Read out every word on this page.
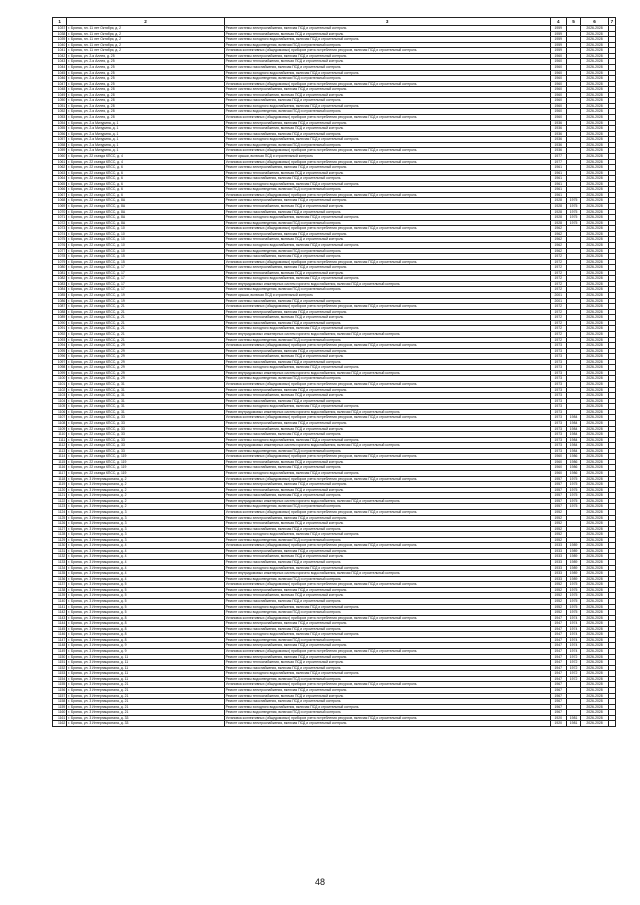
1	2	3	4	5	6	7
1037	г. Брянск, пл. 11 лет Октября, д. 2	Ремонт системы электроснабжения, включая ПСД и строительный контроль	1959		2026-2028	
1038	г. Брянск, пл. 11 лет Октября, д. 2	Ремонт системы теплоснабжения, включая ПСД и строительный контроль	1959		2026-2028	
1039	г. Брянск, пл. 11 лет Октября, д. 2	Ремонт системы холодного водоснабжения, включая ПСД и строительный контроль	1959		2026-2028	
1040	г. Брянск, пл. 11 лет Октября, д. 2	Ремонт системы водоотведения, включая ПСД и строительный контроль	1959		2026-2028	
1041	г. Брянск, пл. 11 лет Октября, д. 2	Установка коллективных (общедомовых) приборов учета потребления ресурсов, включая ПСД и строительный контроль	1959		2026-2028	
1042	г. Брянск, ул. 2-я Аллея, д. 25	Ремонт системы электроснабжения, включая ПСД и строительный контроль	1960		2026-2028	
1043	г. Брянск, ул. 2-я Аллея, д. 25	Ремонт системы теплоснабжения, включая ПСД и строительный контроль	1960		2026-2028	
1044	г. Брянск, ул. 2-я Аллея, д. 25	Ремонт системы газоснабжения, включая ПСД и строительный контроль	1960		2026-2028	
1045	г. Брянск, ул. 2-я Аллея, д. 25	Ремонт системы холодного водоснабжения, включая ПСД и строительный контроль	1960		2026-2028	
1046	г. Брянск, ул. 2-я Аллея, д. 25	Ремонт системы водоотведения, включая ПСД и строительный контроль	1960		2026-2028	
1047	г. Брянск, ул. 2-я Аллея, д. 25	Установка коллективных (общедомовых) приборов учета потребления ресурсов, включая ПСД и строительный контроль	1960		2026-2028	
1048	г. Брянск, ул. 2-я Аллея, д. 28	Ремонт системы электроснабжения, включая ПСД и строительный контроль	1960		2026-2028	
1049	г. Брянск, ул. 2-я Аллея, д. 28	Ремонт системы теплоснабжения, включая ПСД и строительный контроль	1960		2026-2028	
1050	г. Брянск, ул. 2-я Аллея, д. 28	Ремонт системы газоснабжения, включая ПСД и строительный контроль	1960		2026-2028	
1051	г. Брянск, ул. 2-я Аллея, д. 28	Ремонт системы холодного водоснабжения, включая ПСД и строительный контроль	1960		2026-2028	
1052	г. Брянск, ул. 2-я Аллея, д. 28	Ремонт системы водоотведения, включая ПСД и строительный контроль	1960		2026-2028	
1053	г. Брянск, ул. 2-я Аллея, д. 28	Установка коллективных (общедомовых) приборов учета потребления ресурсов, включая ПСД и строительный контроль	1960		2026-2028	
1054	г. Брянск, ул. 2-я Мичурина, д. 1	Ремонт системы электроснабжения, включая ПСД и строительный контроль	1936		2026-2028	
1055	г. Брянск, ул. 2-я Мичурина, д. 1	Ремонт системы теплоснабжения, включая ПСД и строительный контроль	1936		2026-2028	
1056	г. Брянск, ул. 2-я Мичурина, д. 1	Ремонт системы газоснабжения, включая ПСД и строительный контроль	1936		2026-2028	
1057	г. Брянск, ул. 2-я Мичурина, д. 1	Ремонт системы холодного водоснабжения, включая ПСД и строительный контроль	1936		2026-2028	
1058	г. Брянск, ул. 2-я Мичурина, д. 1	Ремонт системы водоотведения, включая ПСД и строительный контроль	1936		2026-2028	
1059	г. Брянск, ул. 2-я Мичурина, д. 1	Установка коллективных (общедомовых) приборов учета потребления ресурсов, включая ПСД и строительный контроль	1936		2026-2028	
1060	г. Брянск, ул. 22 съезда КПСС, д. 4	Ремонт крыши, включая ПСД и строительный контроль	1977		2026-2028	
1061	г. Брянск, ул. 22 съезда КПСС, д. 4	Установка коллективных (общедомовых) приборов учета потребления ресурсов, включая ПСД и строительный контроль	1977		2026-2028	
1062	г. Брянск, ул. 22 съезда КПСС, д. 6	Ремонт системы электроснабжения, включая ПСД и строительный контроль	1961		2026-2028	
1063	г. Брянск, ул. 22 съезда КПСС, д. 6	Ремонт системы теплоснабжения, включая ПСД и строительный контроль	1961		2026-2028	
1064	г. Брянск, ул. 22 съезда КПСС, д. 6	Ремонт системы газоснабжения, включая ПСД и строительный контроль	1961		2026-2028	
1065	г. Брянск, ул. 22 съезда КПСС, д. 6	Ремонт системы холодного водоснабжения, включая ПСД и строительный контроль	1961		2026-2028	
1066	г. Брянск, ул. 22 съезда КПСС, д. 6	Ремонт системы водоотведения, включая ПСД и строительный контроль	1961		2026-2028	
1067	г. Брянск, ул. 22 съезда КПСС, д. 6	Установка коллективных (общедомовых) приборов учета потребления ресурсов, включая ПСД и строительный контроль	1961		2026-2028	
1068	г. Брянск, ул. 22 съезда КПСС, д. 8А	Ремонт системы электроснабжения, включая ПСД и строительный контроль	1928	1975	2026-2028	
1069	г. Брянск, ул. 22 съезда КПСС, д. 8А	Ремонт системы теплоснабжения, включая ПСД и строительный контроль	1928	1975	2026-2028	
1070	г. Брянск, ул. 22 съезда КПСС, д. 8А	Ремонт системы газоснабжения, включая ПСД и строительный контроль	1928	1975	2026-2028	
1071	г. Брянск, ул. 22 съезда КПСС, д. 8А	Ремонт системы холодного водоснабжения, включая ПСД и строительный контроль	1928	1975	2026-2028	
1072	г. Брянск, ул. 22 съезда КПСС, д. 8А	Ремонт системы водоотведения, включая ПСД и строительный контроль	1928	1975	2026-2028	
1073	г. Брянск, ул. 22 съезда КПСС, д. 10	Установка коллективных (общедомовых) приборов учета потребления ресурсов, включая ПСД и строительный контроль	1962		2026-2028	
1074	г. Брянск, ул. 22 съезда КПСС, д. 10	Ремонт системы электроснабжения, включая ПСД и строительный контроль	1962		2026-2028	
1075	г. Брянск, ул. 22 съезда КПСС, д. 10	Ремонт системы теплоснабжения, включая ПСД и строительный контроль	1962		2026-2028	
1076	г. Брянск, ул. 22 съезда КПСС, д. 10	Ремонт системы холодного водоснабжения, включая ПСД и строительный контроль	1962		2026-2028	
1077	г. Брянск, ул. 22 съезда КПСС, д. 10	Ремонт системы водоотведения, включая ПСД и строительный контроль	1962		2026-2028	
1078	г. Брянск, ул. 22 съезда КПСС, д. 15	Ремонт системы газоснабжения, включая ПСД и строительный контроль	1972		2026-2028	
1079	г. Брянск, ул. 22 съезда КПСС, д. 15	Установка коллективных (общедомовых) приборов учета потребления ресурсов, включая ПСД и строительный контроль	1972		2026-2028	
1080	г. Брянск, ул. 22 съезда КПСС, д. 17	Ремонт системы электроснабжения, включая ПСД и строительный контроль	1972		2026-2028	
1081	г. Брянск, ул. 22 съезда КПСС, д. 17	Ремонт системы теплоснабжения, включая ПСД и строительный контроль	1972		2026-2028	
1082	г. Брянск, ул. 22 съезда КПСС, д. 17	Ремонт системы холодного водоснабжения, включая ПСД и строительный контроль	1972		2026-2028	
1083	г. Брянск, ул. 22 съезда КПСС, д. 17	Ремонт внутридомовых инженерных систем горячего водоснабжения, включая ПСД и строительный контроль	1972		2026-2028	
1084	г. Брянск, ул. 22 съезда КПСС, д. 17	Ремонт системы водоотведения, включая ПСД и строительный контроль	1972		2026-2028	
1085	г. Брянск, ул. 22 съезда КПСС, д. 19	Ремонт крыши, включая ПСД и строительный контроль	2001		2026-2028	
1086	г. Брянск, ул. 22 съезда КПСС, д. 19	Ремонт системы газоснабжения, включая ПСД и строительный контроль	2001		2026-2028	
1087	г. Брянск, ул. 22 съезда КПСС, д. 21	Установка коллективных (общедомовых) приборов учета потребления ресурсов, включая ПСД и строительный контроль	1972		2026-2028	
1088	г. Брянск, ул. 22 съезда КПСС, д. 21	Ремонт системы электроснабжения, включая ПСД и строительный контроль	1972		2026-2028	
1089	г. Брянск, ул. 22 съезда КПСС, д. 21	Ремонт системы теплоснабжения, включая ПСД и строительный контроль	1972		2026-2028	
1090	г. Брянск, ул. 22 съезда КПСС, д. 21	Ремонт системы газоснабжения, включая ПСД и строительный контроль	1972		2026-2028	
1091	г. Брянск, ул. 22 съезда КПСС, д. 21	Ремонт системы холодного водоснабжения, включая ПСД и строительный контроль	1972		2026-2028	
1092	г. Брянск, ул. 22 съезда КПСС, д. 21	Ремонт внутридомовых инженерных систем горячего водоснабжения, включая ПСД и строительный контроль	1972		2026-2028	
1093	г. Брянск, ул. 22 съезда КПСС, д. 21	Ремонт системы водоотведения, включая ПСД и строительный контроль	1972		2026-2028	
1094	г. Брянск, ул. 22 съезда КПСС, д. 29	Установка коллективных (общедомовых) приборов учета потребления ресурсов, включая ПСД и строительный контроль	1973		2026-2028	
1095	г. Брянск, ул. 22 съезда КПСС, д. 29	Ремонт системы электроснабжения, включая ПСД и строительный контроль	1973		2026-2028	
1096	г. Брянск, ул. 22 съезда КПСС, д. 29	Ремонт системы теплоснабжения, включая ПСД и строительный контроль	1973		2026-2028	
1097	г. Брянск, ул. 22 съезда КПСС, д. 29	Ремонт системы газоснабжения, включая ПСД и строительный контроль	1973		2026-2028	
1098	г. Брянск, ул. 22 съезда КПСС, д. 29	Ремонт системы холодного водоснабжения, включая ПСД и строительный контроль	1973		2026-2028	
1099	г. Брянск, ул. 22 съезда КПСС, д. 29	Ремонт внутридомовых инженерных систем горячего водоснабжения, включая ПСД и строительный контроль	1973		2026-2028	
1100	г. Брянск, ул. 22 съезда КПСС, д. 29	Ремонт системы водоотведения, включая ПСД и строительный контроль	1973		2026-2028	
1101	г. Брянск, ул. 22 съезда КПСС, д. 31	Установка коллективных (общедомовых) приборов учета потребления ресурсов, включая ПСД и строительный контроль	1973		2026-2028	
1102	г. Брянск, ул. 22 съезда КПСС, д. 31	Ремонт системы электроснабжения, включая ПСД и строительный контроль	1973		2026-2028	
1103	г. Брянск, ул. 22 съезда КПСС, д. 31	Ремонт системы теплоснабжения, включая ПСД и строительный контроль	1973		2026-2028	
1104	г. Брянск, ул. 22 съезда КПСС, д. 31	Ремонт системы газоснабжения, включая ПСД и строительный контроль	1973		2026-2028	
1105	г. Брянск, ул. 22 съезда КПСС, д. 31	Ремонт системы холодного водоснабжения, включая ПСД и строительный контроль	1973		2026-2028	
1106	г. Брянск, ул. 22 съезда КПСС, д. 31	Ремонт внутридомовых инженерных систем горячего водоснабжения, включая ПСД и строительный контроль	1973		2026-2028	
1107	г. Брянск, ул. 22 съезда КПСС, д. 33	Установка коллективных (общедомовых) приборов учета потребления ресурсов, включая ПСД и строительный контроль	1973	1984	2026-2028	
1108	г. Брянск, ул. 22 съезда КПСС, д. 33	Ремонт системы электроснабжения, включая ПСД и строительный контроль	1973	1984	2026-2028	
1109	г. Брянск, ул. 22 съезда КПСС, д. 33	Ремонт системы теплоснабжения, включая ПСД и строительный контроль	1973	1984	2026-2028	
1110	г. Брянск, ул. 22 съезда КПСС, д. 33	Ремонт системы газоснабжения, включая ПСД и строительный контроль	1973	1984	2026-2028	
1111	г. Брянск, ул. 22 съезда КПСС, д. 33	Ремонт системы холодного водоснабжения, включая ПСД и строительный контроль	1973	1984	2026-2028	
1112	г. Брянск, ул. 22 съезда КПСС, д. 33	Ремонт внутридомовых инженерных систем горячего водоснабжения, включая ПСД и строительный контроль	1973	1984	2026-2028	
1113	г. Брянск, ул. 22 съезда КПСС, д. 33	Ремонт системы водоотведения, включая ПСД и строительный контроль	1973	1984	2026-2028	
1114	г. Брянск, ул. 22 съезда КПСС, д. 119	Установка коллективных (общедомовых) приборов учета потребления ресурсов, включая ПСД и строительный контроль	1960	1986	2026-2028	
1115	г. Брянск, ул. 22 съезда КПСС, д. 119	Ремонт системы теплоснабжения, включая ПСД и строительный контроль	1960	1986	2026-2028	
1116	г. Брянск, ул. 22 съезда КПСС, д. 119	Ремонт системы газоснабжения, включая ПСД и строительный контроль	1960	1986	2026-2028	
1117	г. Брянск, ул. 22 съезда КПСС, д. 119	Ремонт системы холодного водоснабжения, включая ПСД и строительный контроль	1960	1986	2026-2028	
1118	г. Брянск, ул. 3 Интернационала, д. 2	Установка коллективных (общедомовых) приборов учета потребления ресурсов, включая ПСД и строительный контроль	1957	1975	2026-2028	
1119	г. Брянск, ул. 3 Интернационала, д. 2	Ремонт системы электроснабжения, включая ПСД и строительный контроль	1957	1975	2026-2028	
1120	г. Брянск, ул. 3 Интернационала, д. 2	Ремонт системы теплоснабжения, включая ПСД и строительный контроль	1957	1975	2026-2028	
1121	г. Брянск, ул. 3 Интернационала, д. 2	Ремонт системы газоснабжения, включая ПСД и строительный контроль	1957	1975	2026-2028	
1122	г. Брянск, ул. 3 Интернационала, д. 2	Ремонт внутридомовых инженерных систем горячего водоснабжения, включая ПСД и строительный контроль	1957	1975	2026-2028	
1123	г. Брянск, ул. 3 Интернационала, д. 2	Ремонт системы водоотведения, включая ПСД и строительный контроль	1957	1975	2026-2028	
1124	г. Брянск, ул. 3 Интернационала, д. 3	Установка коллективных (общедомовых) приборов учета потребления ресурсов, включая ПСД и строительный контроль	1952		2026-2028	
1125	г. Брянск, ул. 3 Интернационала, д. 3	Ремонт системы электроснабжения, включая ПСД и строительный контроль	1952		2026-2028	
1126	г. Брянск, ул. 3 Интернационала, д. 3	Ремонт системы теплоснабжения, включая ПСД и строительный контроль	1952		2026-2028	
1127	г. Брянск, ул. 3 Интернационала, д. 3	Ремонт системы газоснабжения, включая ПСД и строительный контроль	1952		2026-2028	
1128	г. Брянск, ул. 3 Интернационала, д. 3	Ремонт системы холодного водоснабжения, включая ПСД и строительный контроль	1952		2026-2028	
1129	г. Брянск, ул. 3 Интернационала, д. 3	Ремонт системы водоотведения, включая ПСД и строительный контроль	1952		2026-2028	
1130	г. Брянск, ул. 3 Интернационала, д. 4	Установка коллективных (общедомовых) приборов учета потребления ресурсов, включая ПСД и строительный контроль	1933	1989	2026-2028	
1131	г. Брянск, ул. 3 Интернационала, д. 4	Ремонт системы электроснабжения, включая ПСД и строительный контроль	1933	1989	2026-2028	
1132	г. Брянск, ул. 3 Интернационала, д. 4	Ремонт системы теплоснабжения, включая ПСД и строительный контроль	1933	1989	2026-2028	
1133	г. Брянск, ул. 3 Интернационала, д. 4	Ремонт системы газоснабжения, включая ПСД и строительный контроль	1933	1989	2026-2028	
1134	г. Брянск, ул. 3 Интернационала, д. 4	Ремонт системы холодного водоснабжения, включая ПСД и строительный контроль	1933	1989	2026-2028	
1135	г. Брянск, ул. 3 Интернационала, д. 4	Ремонт внутридомовых инженерных систем горячего водоснабжения, включая ПСД и строительный контроль	1933	1989	2026-2028	
1136	г. Брянск, ул. 3 Интернационала, д. 4	Ремонт системы водоотведения, включая ПСД и строительный контроль	1933	1989	2026-2028	
1137	г. Брянск, ул. 3 Интернационала, д. 5	Установка коллективных (общедомовых) приборов учета потребления ресурсов, включая ПСД и строительный контроль	1952	1975	2026-2028	
1138	г. Брянск, ул. 3 Интернационала, д. 5	Ремонт системы электроснабжения, включая ПСД и строительный контроль	1952	1975	2026-2028	
1139	г. Брянск, ул. 3 Интернационала, д. 5	Ремонт системы теплоснабжения, включая ПСД и строительный контроль	1952	1975	2026-2028	
1140	г. Брянск, ул. 3 Интернационала, д. 5	Ремонт системы газоснабжения, включая ПСД и строительный контроль	1952	1975	2026-2028	
1141	г. Брянск, ул. 3 Интернационала, д. 5	Ремонт системы холодного водоснабжения, включая ПСД и строительный контроль	1952	1975	2026-2028	
1142	г. Брянск, ул. 3 Интернационала, д. 5	Ремонт системы водоотведения, включая ПСД и строительный контроль	1952	1975	2026-2028	
1143	г. Брянск, ул. 3 Интернационала, д. 8	Установка коллективных (общедомовых) приборов учета потребления ресурсов, включая ПСД и строительный контроль	1947	1974	2026-2028	
1144	г. Брянск, ул. 3 Интернационала, д. 8	Ремонт системы электроснабжения, включая ПСД и строительный контроль	1947	1974	2026-2028	
1145	г. Брянск, ул. 3 Интернационала, д. 8	Ремонт системы газоснабжения, включая ПСД и строительный контроль	1947	1974	2026-2028	
1146	г. Брянск, ул. 3 Интернационала, д. 8	Ремонт системы холодного водоснабжения, включая ПСД и строительный контроль	1947	1974	2026-2028	
1147	г. Брянск, ул. 3 Интернационала, д. 8	Ремонт системы водоотведения, включая ПСД и строительный контроль	1947	1974	2026-2028	
1148	г. Брянск, ул. 3 Интернационала, д. 9	Ремонт системы электроснабжения, включая ПСД и строительный контроль	1947	1974	2026-2028	
1149	г. Брянск, ул. 3 Интернационала, д. 9	Установка коллективных (общедомовых) приборов учета потребления ресурсов, включая ПСД и строительный контроль	1947	1974	2026-2028	
1150	г. Брянск, ул. 3 Интернационала, д. 11	Ремонт системы электроснабжения, включая ПСД и строительный контроль	1947	1972	2026-2028	
1151	г. Брянск, ул. 3 Интернационала, д. 11	Ремонт системы теплоснабжения, включая ПСД и строительный контроль	1947	1972	2026-2028	
1152	г. Брянск, ул. 3 Интернационала, д. 11	Ремонт системы газоснабжения, включая ПСД и строительный контроль	1947	1972	2026-2028	
1153	г. Брянск, ул. 3 Интернационала, д. 11	Ремонт системы холодного водоснабжения, включая ПСД и строительный контроль	1947	1972	2026-2028	
1154	г. Брянск, ул. 3 Интернационала, д. 11	Ремонт системы водоотведения, включая ПСД и строительный контроль	1947	1972	2026-2028	
1155	г. Брянск, ул. 3 Интернационала, д. 21	Установка коллективных (общедомовых) приборов учета потребления ресурсов, включая ПСД и строительный контроль	1967		2026-2028	
1156	г. Брянск, ул. 3 Интернационала, д. 21	Ремонт системы электроснабжения, включая ПСД и строительный контроль	1967		2026-2028	
1157	г. Брянск, ул. 3 Интернационала, д. 21	Ремонт системы теплоснабжения, включая ПСД и строительный контроль	1967		2026-2028	
1158	г. Брянск, ул. 3 Интернационала, д. 21	Ремонт системы газоснабжения, включая ПСД и строительный контроль	1967		2026-2028	
1159	г. Брянск, ул. 3 Интернационала, д. 21	Ремонт системы холодного водоснабжения, включая ПСД и строительный контроль	1967		2026-2028	
1160	г. Брянск, ул. 3 Интернационала, д. 21	Ремонт системы водоотведения, включая ПСД и строительный контроль	1967		2026-2028	
1161	г. Брянск, ул. 3 Интернационала, д. 33	Установка коллективных (общедомовых) приборов учета потребления ресурсов, включая ПСД и строительный контроль	1920	1981	2026-2028	
1162	г. Брянск, ул. 3 Интернационала, д. 33	Ремонт системы электроснабжения, включая ПСД и строительный контроль	1920	1981	2026-2028	
48
